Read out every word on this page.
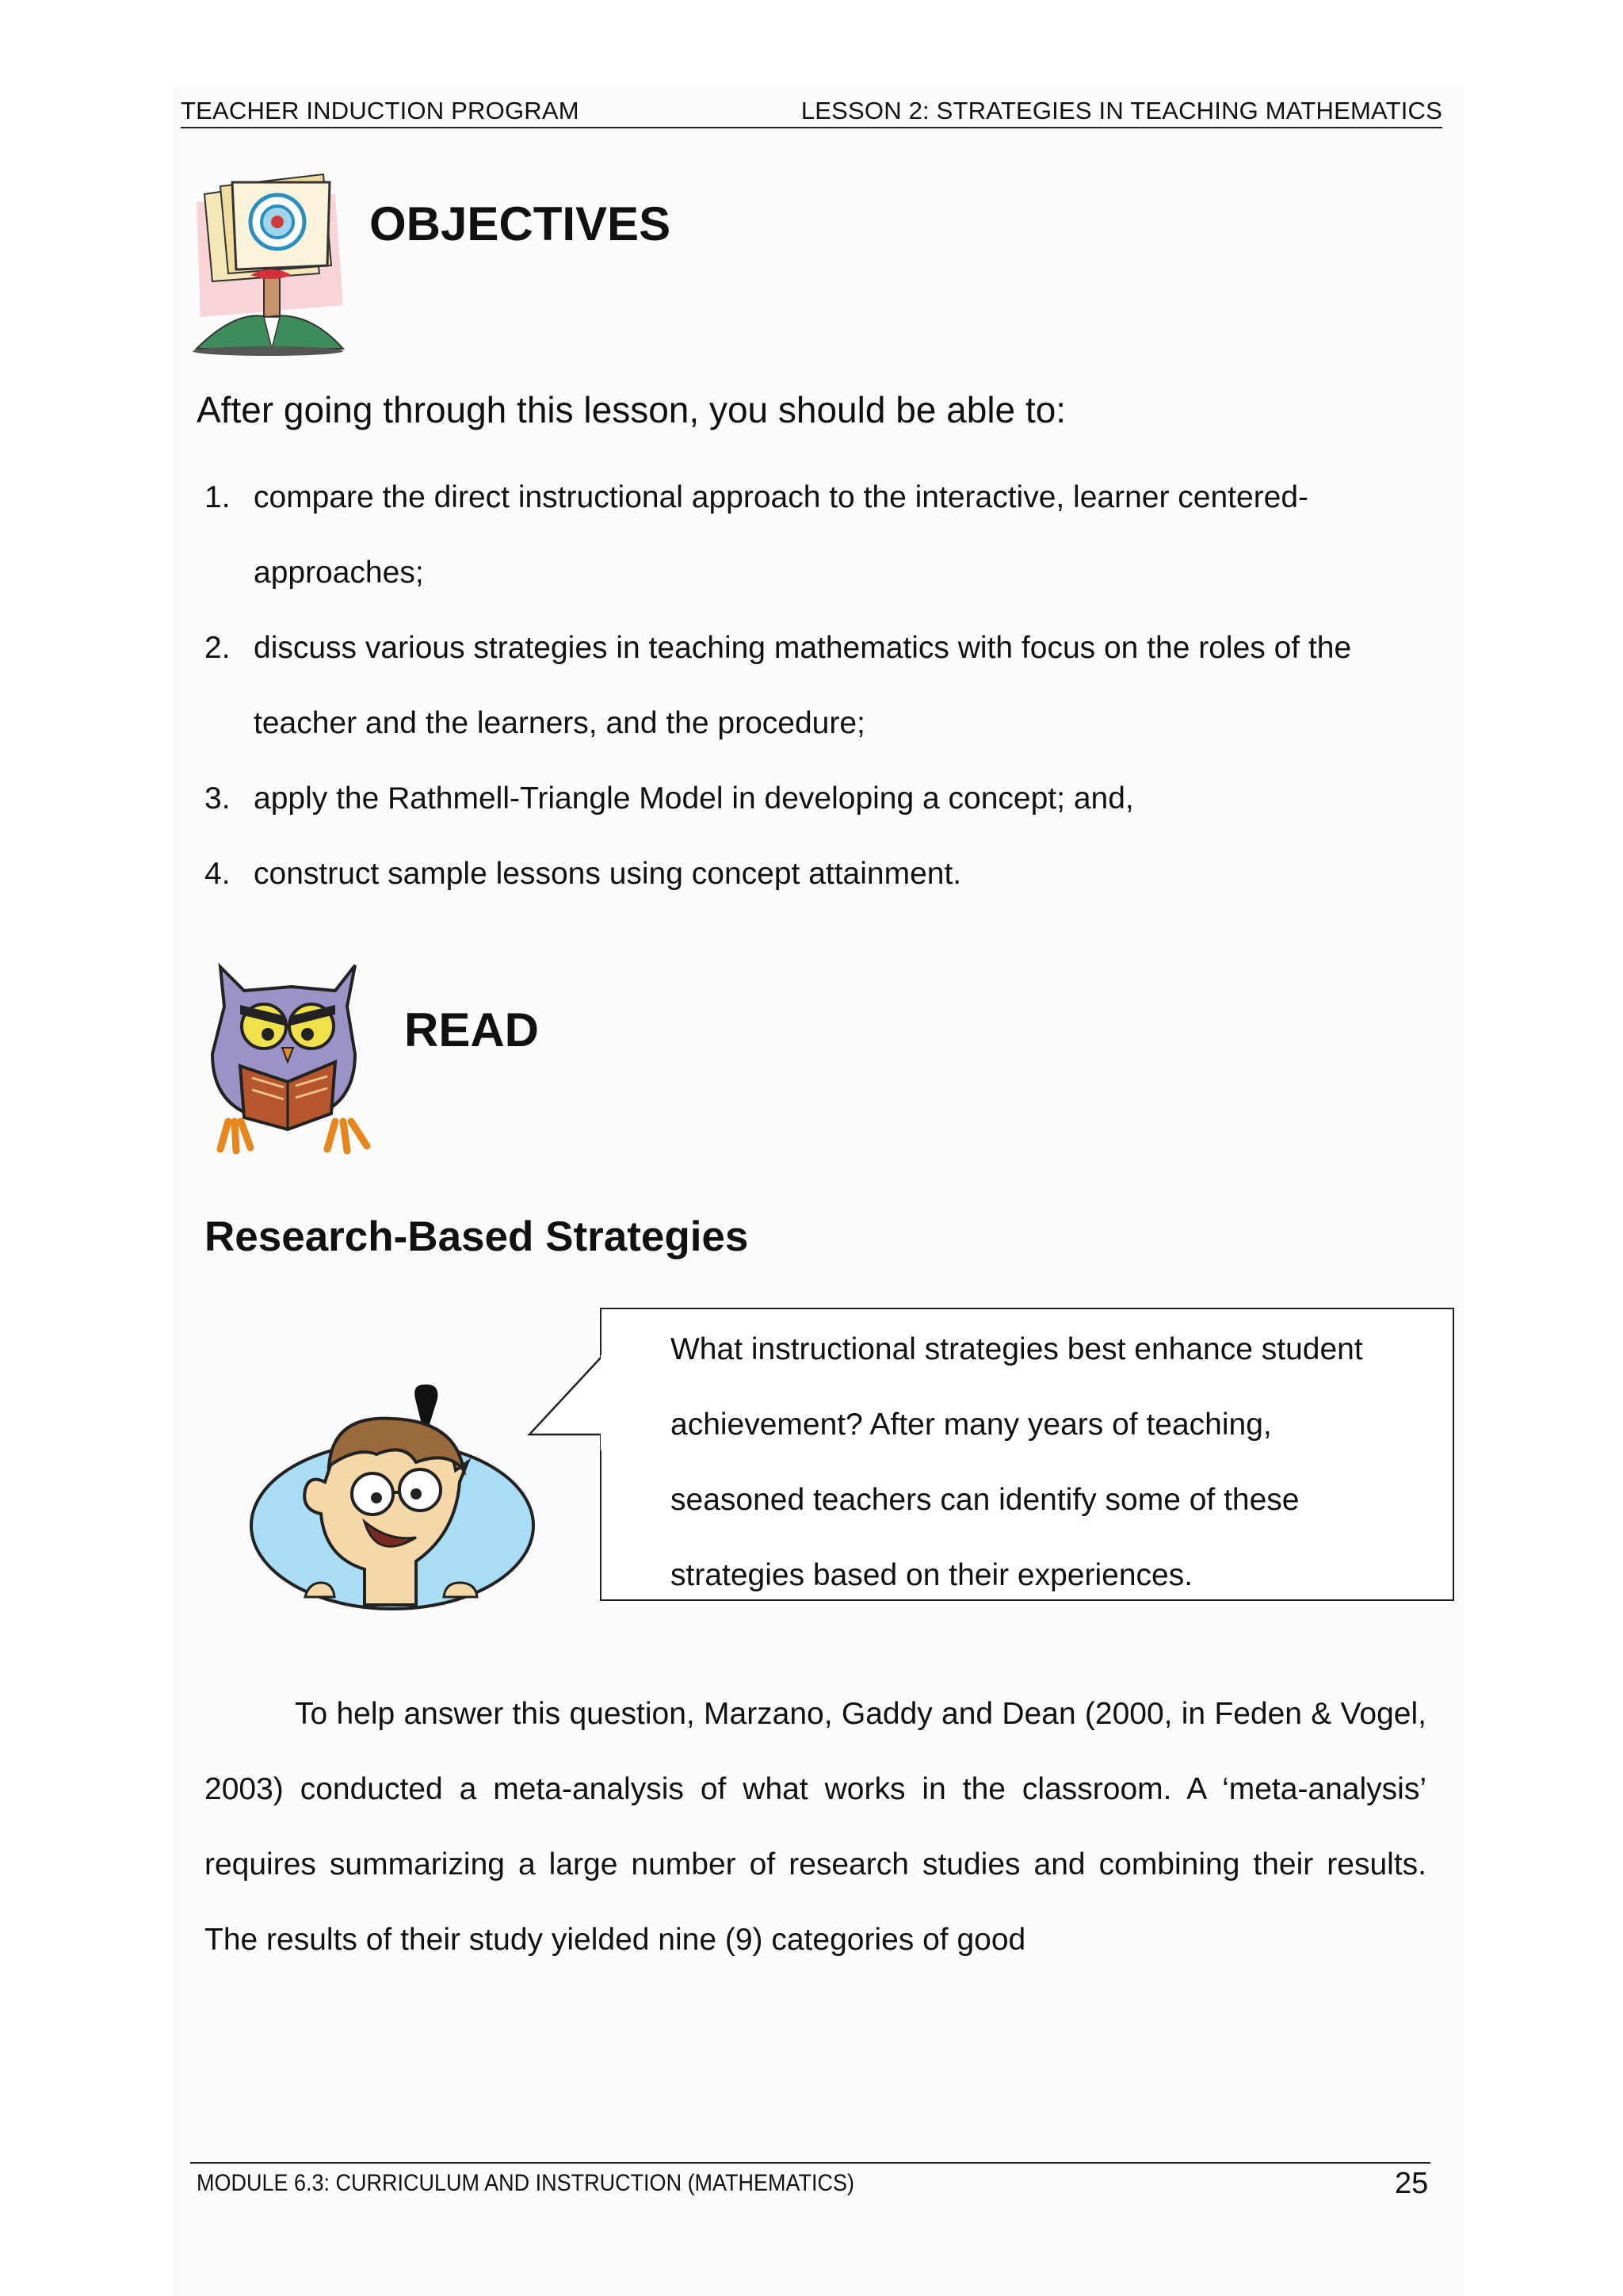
TEACHER INDUCTION PROGRAM	LESSON 2: STRATEGIES IN TEACHING MATHEMATICS
OBJECTIVES
After going through this lesson, you should be able to:
1. compare the direct instructional approach to the interactive, learner centered-
approaches;
2. discuss various strategies in teaching mathematics with focus on the roles of the
teacher and the learners, and the procedure;
3. apply the Rathmell-Triangle Model in developing a concept; and,
4. construct sample lessons using concept attainment.
READ
Research-Based Strategies
What instructional strategies best enhance student
achievement? After many years of teaching,
seasoned teachers can identify some of these
strategies based on their experiences.

To help answer this question, Marzano, Gaddy and Dean (2000, in Feden & Vogel, 2003) conducted a meta-analysis of what works in the classroom. A ‘meta-analysis’ requires summarizing a large number of research studies and combining their results. The results of their study yielded nine (9) categories of good

MODULE 6.3: CURRICULUM AND INSTRUCTION (MATHEMATICS)	25
